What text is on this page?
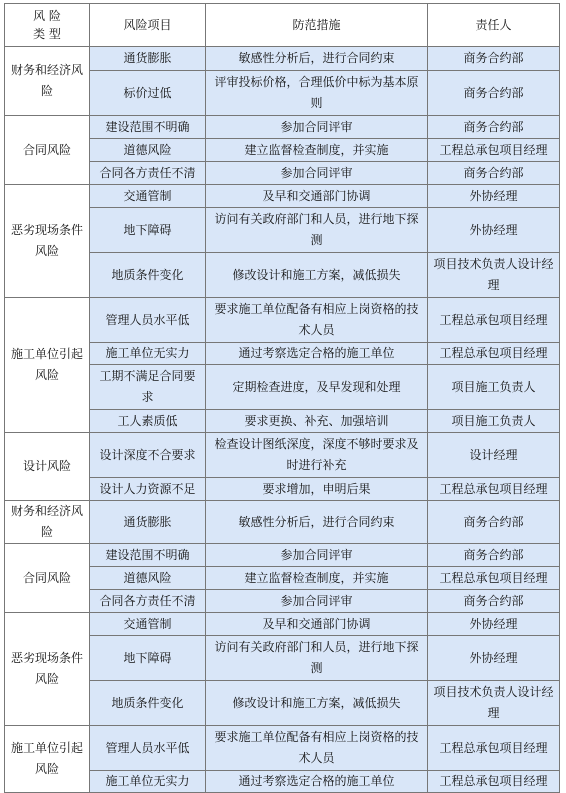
风 险
类 型	风险项目	防范措施	责任人
财务和经济风险	通货膨胀	敏感性分析后，进行合同约束	商务合约部
	标价过低	评审投标价格，合理低价中标为基本原则	商务合约部
合同风险	建设范围不明确	参加合同评审	商务合约部
	道德风险	建立监督检查制度，并实施	工程总承包项目经理
	合同各方责任不清	参加合同评审	商务合约部
恶劣现场条件风险	交通管制	及早和交通部门协调	外协经理
	地下障碍	访问有关政府部门和人员，进行地下探测	外协经理
	地质条件变化	修改设计和施工方案，减低损失	项目技术负责人设计经理
施工单位引起风险	管理人员水平低	要求施工单位配备有相应上岗资格的技术人员	工程总承包项目经理
	施工单位无实力	通过考察选定合格的施工单位	工程总承包项目经理
	工期不满足合同要求	定期检查进度，及早发现和处理	项目施工负责人
	工人素质低	要求更换、补充、加强培训	项目施工负责人
设计风险	设计深度不合要求	检查设计图纸深度，深度不够时要求及时进行补充	设计经理
	设计人力资源不足	要求增加，申明后果	工程总承包项目经理
财务和经济风险	通货膨胀	敏感性分析后，进行合同约束	商务合约部
合同风险	建设范围不明确	参加合同评审	商务合约部
	道德风险	建立监督检查制度，并实施	工程总承包项目经理
	合同各方责任不清	参加合同评审	商务合约部
恶劣现场条件风险	交通管制	及早和交通部门协调	外协经理
	地下障碍	访问有关政府部门和人员，进行地下探测	外协经理
	地质条件变化	修改设计和施工方案，减低损失	项目技术负责人设计经理
施工单位引起风险	管理人员水平低	要求施工单位配备有相应上岗资格的技术人员	工程总承包项目经理
	施工单位无实力	通过考察选定合格的施工单位	工程总承包项目经理
